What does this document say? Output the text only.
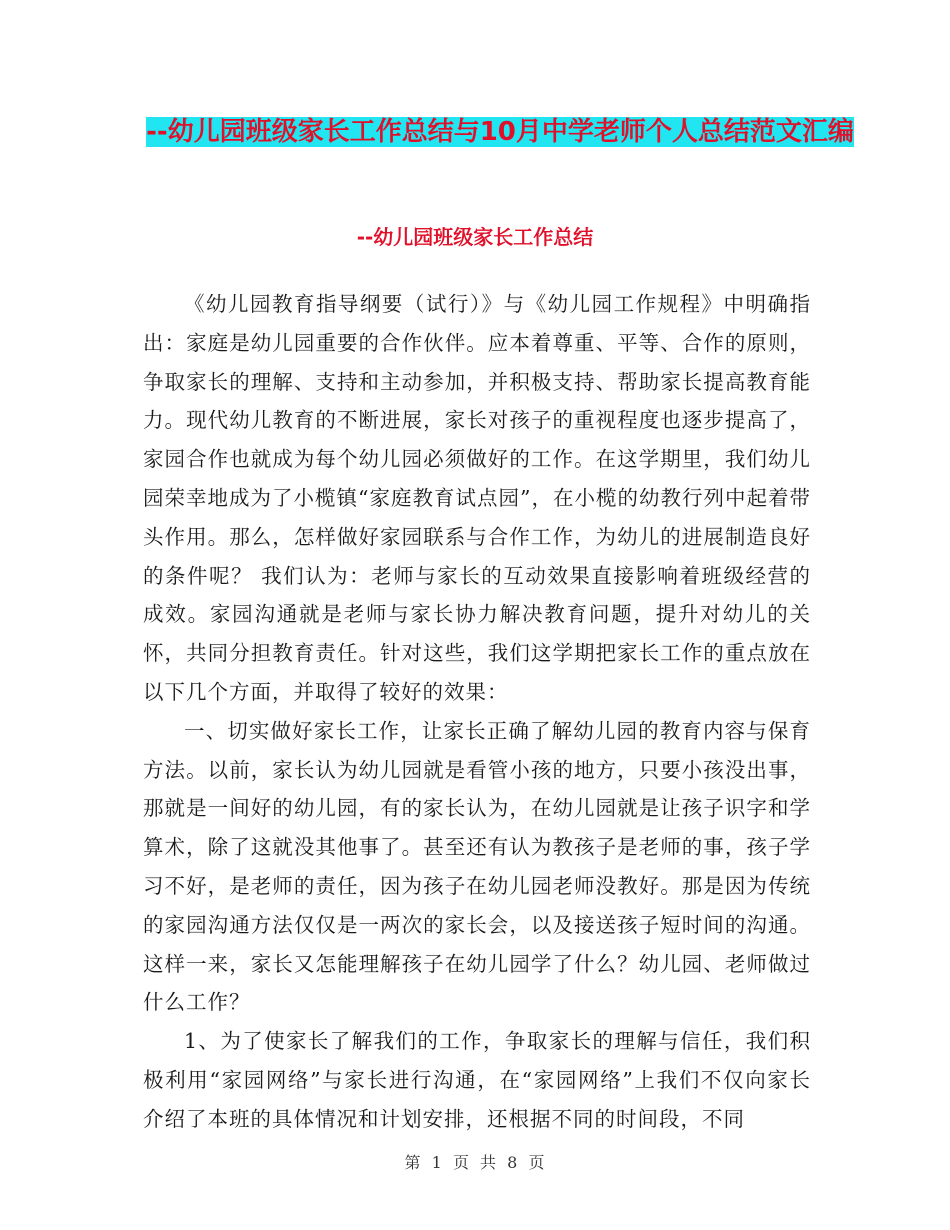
--幼儿园班级家长工作总结与10月中学老师个人总结范文汇编
--幼儿园班级家长工作总结

《幼儿园教育指导纲要（试行）》与《幼儿园工作规程》中明确指出：家庭是幼儿园重要的合作伙伴。应本着尊重、平等、合作的原则，争取家长的理解、支持和主动参加，并积极支持、帮助家长提高教育能力。现代幼儿教育的不断进展，家长对孩子的重视程度也逐步提高了，家园合作也就成为每个幼儿园必须做好的工作。在这学期里，我们幼儿园荣幸地成为了小榄镇“家庭教育试点园”，在小榄的幼教行列中起着带头作用。那么，怎样做好家园联系与合作工作，为幼儿的进展制造良好的条件呢？ 我们认为：老师与家长的互动效果直接影响着班级经营的成效。家园沟通就是老师与家长协力解决教育问题，提升对幼儿的关怀，共同分担教育责任。针对这些，我们这学期把家长工作的重点放在以下几个方面，并取得了较好的效果：

一、切实做好家长工作，让家长正确了解幼儿园的教育内容与保育方法。以前，家长认为幼儿园就是看管小孩的地方，只要小孩没出事，那就是一间好的幼儿园，有的家长认为，在幼儿园就是让孩子识字和学算术，除了这就没其他事了。甚至还有认为教孩子是老师的事，孩子学习不好，是老师的责任，因为孩子在幼儿园老师没教好。那是因为传统的家园沟通方法仅仅是一两次的家长会，以及接送孩子短时间的沟通。这样一来，家长又怎能理解孩子在幼儿园学了什么？幼儿园、老师做过什么工作？

1、为了使家长了解我们的工作，争取家长的理解与信任，我们积极利用“家园网络”与家长进行沟通，在“家园网络”上我们不仅向家长介绍了本班的具体情况和计划安排，还根据不同的时间段，不同

第 1 页 共 8 页
